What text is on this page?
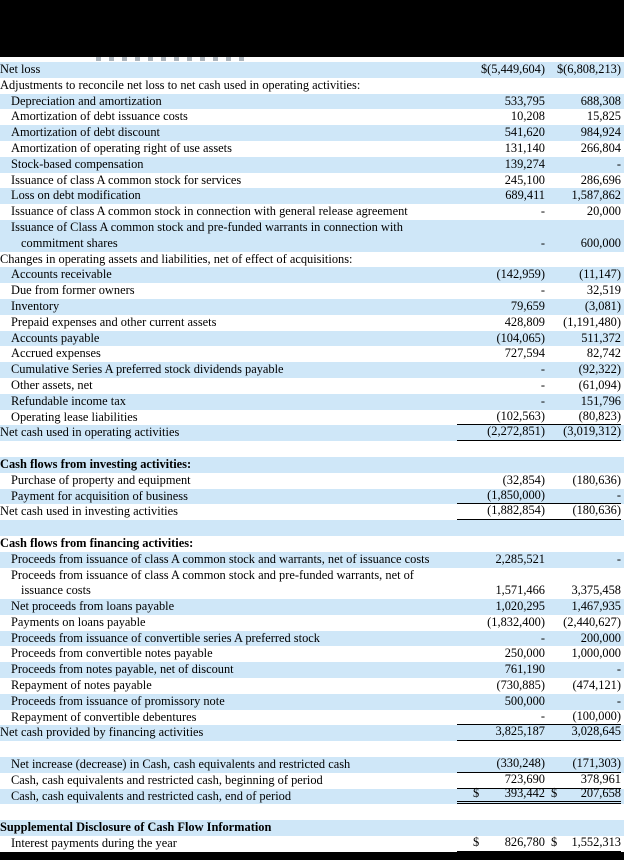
Net loss	$(5,449,604) $(6,808,213)
Adjustments to reconcile net loss to net cash used in operating activities:
Depreciation and amortization	533,795	688,308
Amortization of debt issuance costs	10,208	15,825
Amortization of debt discount	541,620	984,924
Amortization of operating right of use assets	131,140	266,804
Stock-based compensation	139,274	-
Issuance of class A common stock for services	245,100	286,696
Loss on debt modification	689,411	1,587,862
Issuance of class A common stock in connection with general release agreement	-	20,000
Issuance of Class A common stock and pre-funded warrants in connection with
commitment shares	-	600,000
Changes in operating assets and liabilities, net of effect of acquisitions:
Accounts receivable	(142,959)	(11,147)
Due from former owners	-	32,519
Inventory	79,659	(3,081)
Prepaid expenses and other current assets	428,809	(1,191,480)
Accounts payable	(104,065)	511,372
Accrued expenses	727,594	82,742
Cumulative Series A preferred stock dividends payable	-	(92,322)
Other assets, net	-	(61,094)
Refundable income tax	-	151,796
Operating lease liabilities	(102,563)	(80,823)
Net cash used in operating activities	(2,272,851)	(3,019,312)
Cash flows from investing activities:
Purchase of property and equipment	(32,854)	(180,636)
Payment for acquisition of business	(1,850,000)	-
Net cash used in investing activities	(1,882,854)	(180,636)
Cash flows from financing activities:
Proceeds from issuance of class A common stock and warrants, net of issuance costs	2,285,521	-
Proceeds from issuance of class A common stock and pre-funded warrants, net of
issuance costs	1,571,466	3,375,458
Net proceeds from loans payable	1,020,295	1,467,935
Payments on loans payable	(1,832,400)	(2,440,627)
Proceeds from issuance of convertible series A preferred stock	-	200,000
Proceeds from convertible notes payable	250,000	1,000,000
Proceeds from notes payable, net of discount	761,190	-
Repayment of notes payable	(730,885)	(474,121)
Proceeds from issuance of promissory note	500,000	-
Repayment of convertible debentures	-	(100,000)
Net cash provided by financing activities	3,825,187	3,028,645
Net increase (decrease) in Cash, cash equivalents and restricted cash	(330,248)	(171,303)
Cash, cash equivalents and restricted cash, beginning of period	723,690	378,961
Cash, cash equivalents and restricted cash, end of period	$ 393,442 $ 207,658
Supplemental Disclosure of Cash Flow Information
Interest payments during the year	$ 826,780 $ 1,552,313
